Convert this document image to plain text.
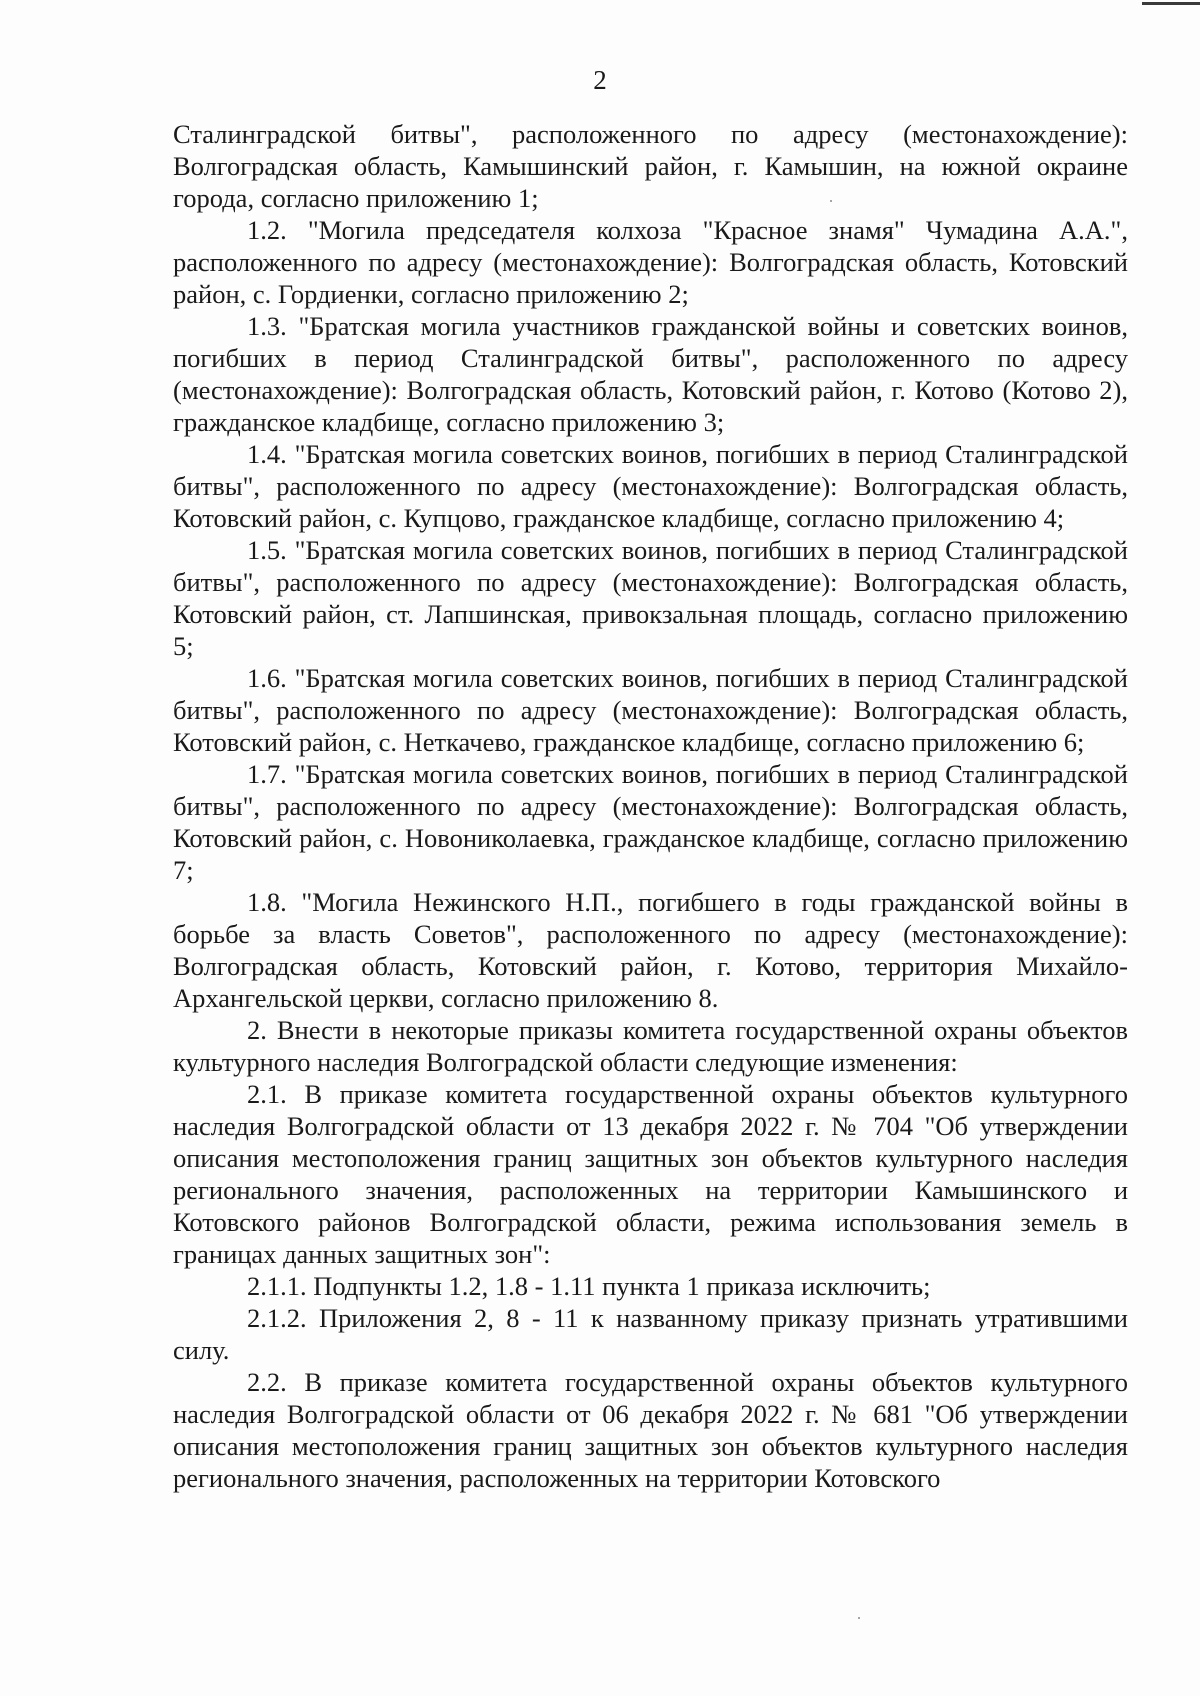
2

Сталинградской битвы", расположенного по адресу (местонахождение): Волгоградская область, Камышинский район, г. Камышин, на южной окраине города, согласно приложению 1;

1.2. "Могила председателя колхоза "Красное знамя" Чумадина А.А.", расположенного по адресу (местонахождение): Волгоградская область, Котовский район, с. Гордиенки, согласно приложению 2;

1.3. "Братская могила участников гражданской войны и советских воинов, погибших в период Сталинградской битвы", расположенного по адресу (местонахождение): Волгоградская область, Котовский район, г. Котово (Котово 2), гражданское кладбище, согласно приложению 3;

1.4. "Братская могила советских воинов, погибших в период Сталинградской битвы", расположенного по адресу (местонахождение): Волгоградская область, Котовский район, с. Купцово, гражданское кладбище, согласно приложению 4;

1.5. "Братская могила советских воинов, погибших в период Сталинградской битвы", расположенного по адресу (местонахождение): Волгоградская область, Котовский район, ст. Лапшинская, привокзальная площадь, согласно приложению 5;

1.6. "Братская могила советских воинов, погибших в период Сталинградской битвы", расположенного по адресу (местонахождение): Волгоградская область, Котовский район, с. Неткачево, гражданское кладбище, согласно приложению 6;

1.7. "Братская могила советских воинов, погибших в период Сталинградской битвы", расположенного по адресу (местонахождение): Волгоградская область, Котовский район, с. Новониколаевка, гражданское кладбище, согласно приложению 7;

1.8. "Могила Нежинского Н.П., погибшего в годы гражданской войны в борьбе за власть Советов", расположенного по адресу (местонахождение): Волгоградская область, Котовский район, г. Котово, территория Михайло-Архангельской церкви, согласно приложению 8.

2. Внести в некоторые приказы комитета государственной охраны объектов культурного наследия Волгоградской области следующие изменения:

2.1. В приказе комитета государственной охраны объектов культурного наследия Волгоградской области от 13 декабря 2022 г. № 704 "Об утверждении описания местоположения границ защитных зон объектов культурного наследия регионального значения, расположенных на территории Камышинского и Котовского районов Волгоградской области, режима использования земель в границах данных защитных зон":

2.1.1. Подпункты 1.2, 1.8 - 1.11 пункта 1 приказа исключить;

2.1.2. Приложения 2, 8 - 11 к названному приказу признать утратившими силу.

2.2. В приказе комитета государственной охраны объектов культурного наследия Волгоградской области от 06 декабря 2022 г. № 681 "Об утверждении описания местоположения границ защитных зон объектов культурного наследия регионального значения, расположенных на территории Котовского
